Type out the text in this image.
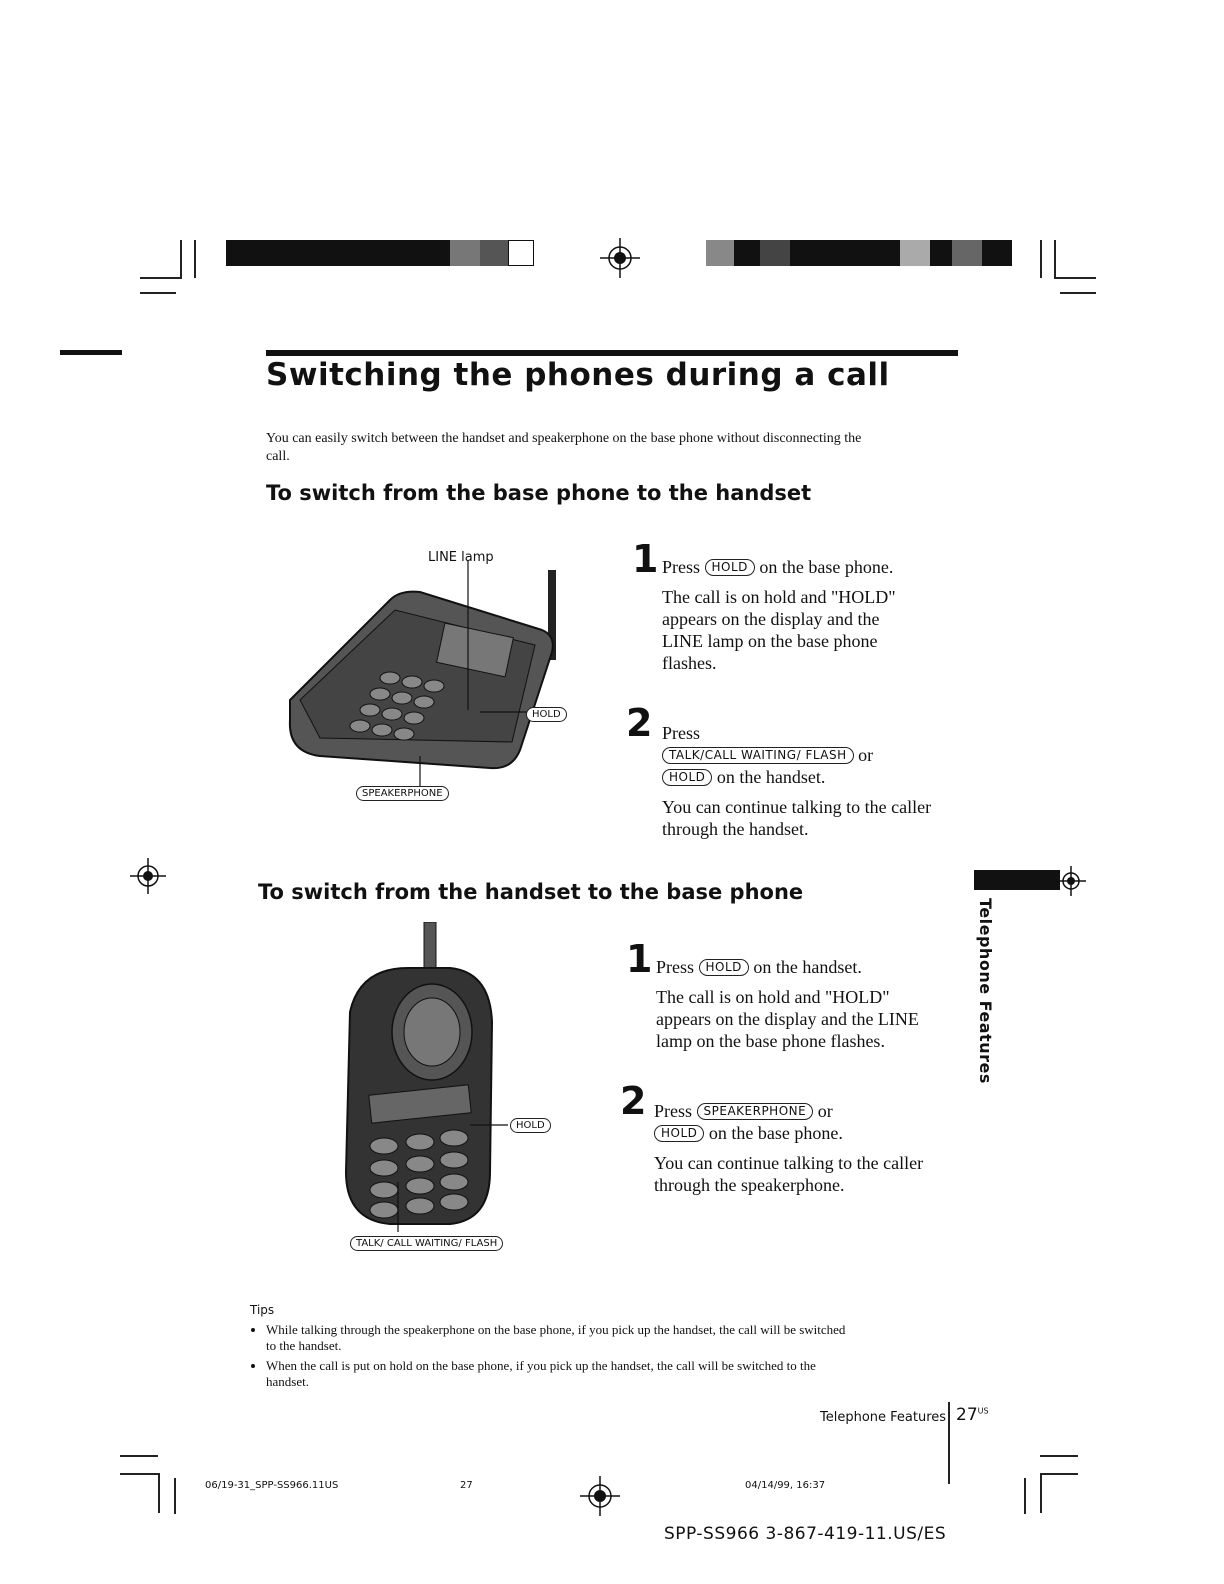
Switching the phones during a call
You can easily switch between the handset and speakerphone on the base phone without disconnecting the call.
To switch from the base phone to the handset
LINE lamp
HOLD
SPEAKERPHONE
1 Press HOLD on the base phone.
The call is on hold and "HOLD" appears on the display and the LINE lamp on the base phone flashes.
2 Press
TALK/CALL WAITING/ FLASH or
HOLD on the handset.
You can continue talking to the caller through the handset.
To switch from the handset to the base phone
HOLD
TALK/ CALL WAITING/ FLASH
1 Press HOLD on the handset.
The call is on hold and "HOLD" appears on the display and the LINE lamp on the base phone flashes.
2 Press SPEAKERPHONE or
HOLD on the base phone.
You can continue talking to the caller through the speakerphone.
Telephone Features
Tips
• While talking through the speakerphone on the base phone, if you pick up the handset, the call will be switched to the handset.
• When the call is put on hold on the base phone, if you pick up the handset, the call will be switched to the handset.
Telephone Features $27^{US}$
06/19-31_SPP-SS966.11US	27	04/14/99, 16:37
SPP-SS966 3-867-419-11.US/ES
